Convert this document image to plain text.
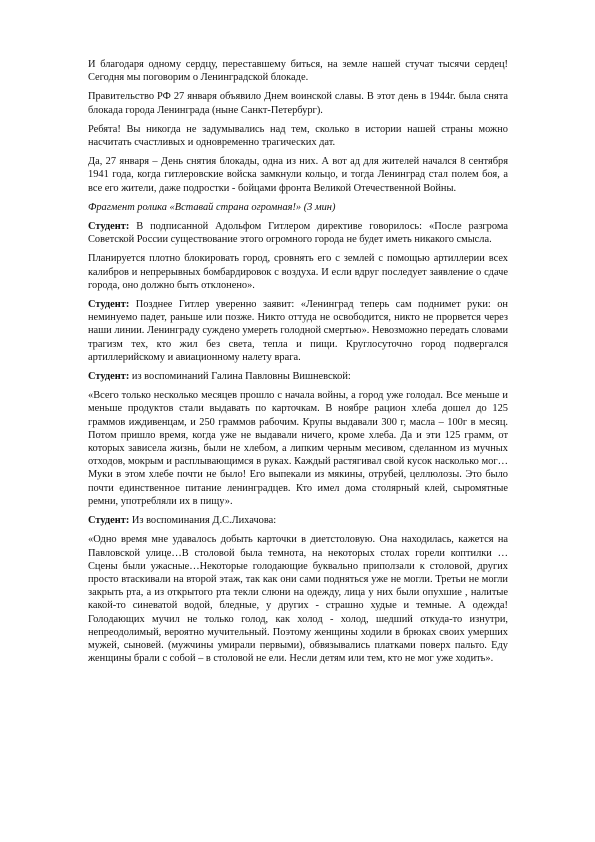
И благодаря одному сердцу, переставшему биться, на земле нашей стучат тысячи сердец! Сегодня мы поговорим о Ленинградской блокаде.

Правительство РФ 27 января объявило Днем воинской славы. В этот день в 1944г. была снята блокада города Ленинграда (ныне Санкт-Петербург).

Ребята! Вы никогда не задумывались над тем, сколько в истории нашей страны можно насчитать счастливых и одновременно трагических дат.

Да, 27 января – День снятия блокады, одна из них. А вот ад для жителей начался 8 сентября 1941 года, когда гитлеровские войска замкнули кольцо, и тогда Ленинград стал полем боя, а все его жители, даже подростки - бойцами фронта Великой Отечественной Войны.

Фрагмент ролика «Вставай страна огромная!» (3 мин)

Студент: В подписанной Адольфом Гитлером директиве говорилось: «После разгрома Советской России существование этого огромного города не будет иметь никакого смысла.

Планируется плотно блокировать город, сровнять его с землей с помощью артиллерии всех калибров и непрерывных бомбардировок с воздуха. И если вдруг последует заявление о сдаче города, оно должно быть отклонено».

Студент: Позднее Гитлер уверенно заявит: «Ленинград теперь сам поднимет руки: он неминуемо падет, раньше или позже. Никто оттуда не освободится, никто не прорвется через наши линии. Ленинграду суждено умереть голодной смертью». Невозможно передать словами трагизм тех, кто жил без света, тепла и пищи. Круглосуточно город подвергался артиллерийскому и авиационному налету врага.

Студент: из воспоминаний Галина Павловны Вишневской:

«Всего только несколько месяцев прошло с начала войны, а город уже голодал. Все меньше и меньше продуктов стали выдавать по карточкам. В ноябре рацион хлеба дошел до 125 граммов иждивенцам, и 250 граммов рабочим. Крупы выдавали 300 г, масла – 100г в месяц. Потом пришло время, когда уже не выдавали ничего, кроме хлеба. Да и эти 125 грамм, от которых зависела жизнь, были не хлебом, а липким черным месивом, сделанном из мучных отходов, мокрым и расплывающимся в руках. Каждый растягивал свой кусок насколько мог… Муки в этом хлебе почти не было! Его выпекали из мякины, отрубей, целлюлозы. Это было почти единственное питание ленинградцев. Кто имел дома столярный клей, сыромятные ремни, употребляли их в пищу».

Студент: Из воспоминания Д.С.Лихачова:

«Одно время мне удавалось добыть карточки в диетстоловую. Она находилась, кажется на Павловской улице…В столовой была темнота, на некоторых столах горели коптилки … Сцены были ужасные…Некоторые голодающие буквально приползали к столовой, других просто втаскивали на второй этаж, так как они сами подняться уже не могли. Третьи не могли закрыть рта, а из открытого рта текли слюни на одежду, лица у них были опухшие , налитые какой-то синеватой водой, бледные, у других - страшно худые и темные. А одежда! Голодающих мучил не только голод, как холод - холод, шедший откуда-то изнутри, непреодолимый, вероятно мучительный. Поэтому женщины ходили в брюках своих умерших мужей, сыновей. (мужчины умирали первыми), обвязывались платками поверх пальто. Еду женщины брали с собой – в столовой не ели. Несли детям или тем, кто не мог уже ходить».
